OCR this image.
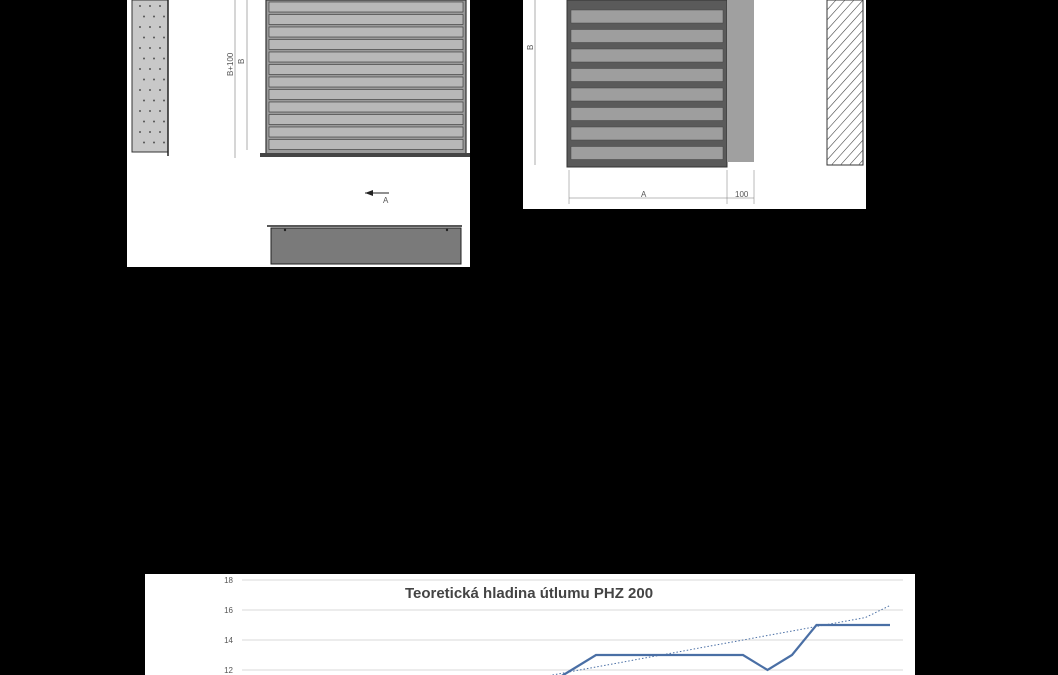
B+100 B
A
B
A	100
Teoretická hladina útlumu PHZ 200
12
14
16
18
